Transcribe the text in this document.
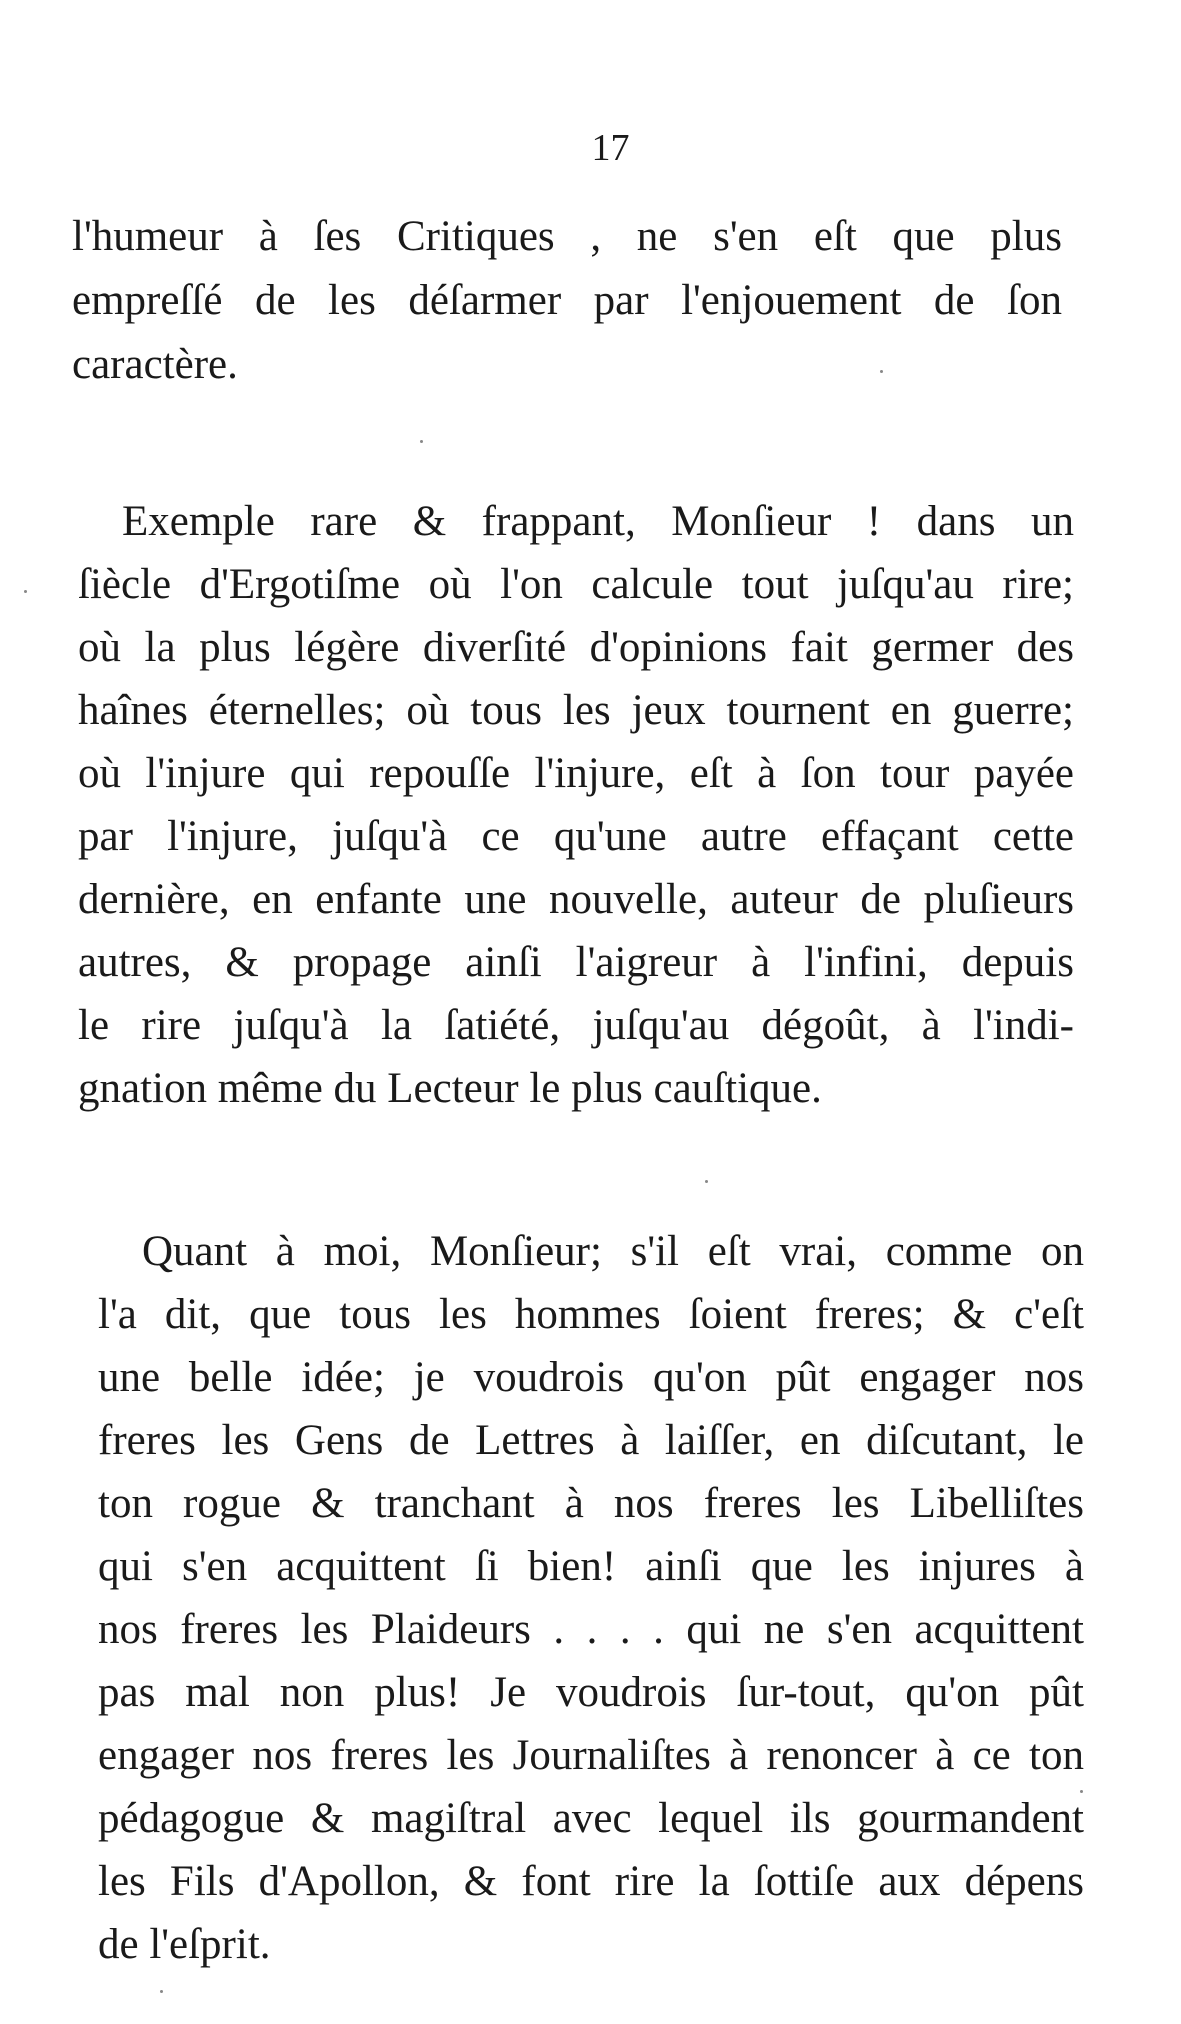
17

l'humeur à ſes Critiques , ne s'en eſt que plus
empreſſé de les déſarmer par l'enjouement de ſon
caractère.

Exemple rare & frappant, Monſieur ! dans un
ſiècle d'Ergotiſme où l'on calcule tout juſqu'au rire;
où la plus légère diverſité d'opinions fait germer des
haînes éternelles; où tous les jeux tournent en guerre;
où l'injure qui repouſſe l'injure, eſt à ſon tour payée
par l'injure, juſqu'à ce qu'une autre effaçant cette
dernière, en enfante une nouvelle, auteur de pluſieurs
autres, & propage ainſi l'aigreur à l'infini, depuis
le rire juſqu'à la ſatiété, juſqu'au dégoût, à l'indi-
gnation même du Lecteur le plus cauſtique.

Quant à moi, Monſieur; s'il eſt vrai, comme on
l'a dit, que tous les hommes ſoient freres; & c'eſt
une belle idée; je voudrois qu'on pût engager nos
freres les Gens de Lettres à laiſſer, en diſcutant, le
ton rogue & tranchant à nos freres les Libelliſtes
qui s'en acquittent ſi bien! ainſi que les injures à
nos freres les Plaideurs . . . . qui ne s'en acquittent
pas mal non plus! Je voudrois ſur-tout, qu'on pût
engager nos freres les Journaliſtes à renoncer à ce ton
pédagogue & magiſtral avec lequel ils gourmandent
les Fils d'Apollon, & font rire la ſottiſe aux dépens
de l'eſprit.
